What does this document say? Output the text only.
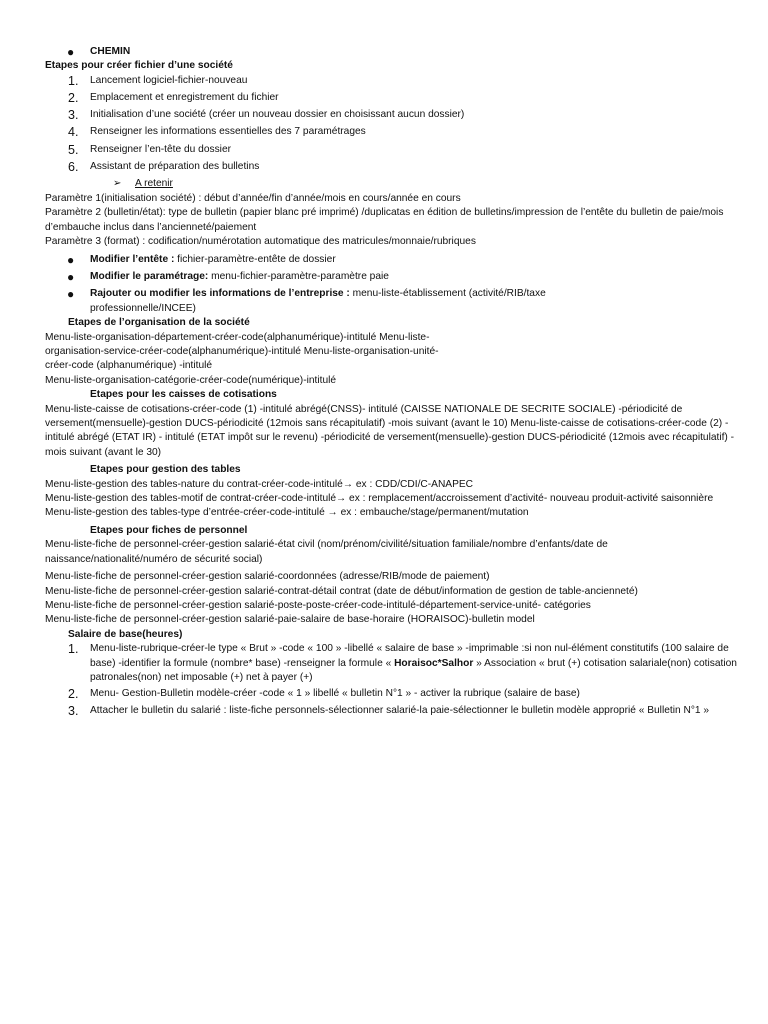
● CHEMIN

Etapes pour créer fichier d’une société

1. Lancement logiciel-fichier-nouveau
2. Emplacement et enregistrement du fichier
3. Initialisation d’une société (créer un nouveau dossier en choisissant aucun dossier)
4. Renseigner les informations essentielles des 7 paramétrages
5. Renseigner l’en-tête du dossier
6. Assistant de préparation des bulletins
➢ A retenir

Paramètre 1(initialisation société) : début d’année/fin d’année/mois en cours/année en cours

Paramètre 2 (bulletin/état): type de bulletin (papier blanc pré imprimé) /duplicatas en édition de bulletins/impression de l’entête du bulletin de paie/mois d’embauche inclus dans l’ancienneté/paiement

Paramètre 3 (format) : codification/numérotation automatique des matricules/monnaie/rubriques

● Modifier l’entête : fichier-paramètre-entête de dossier
● Modifier le paramétrage: menu-fichier-paramètre-paramètre paie
● Rajouter ou modifier les informations de l’entreprise : menu-liste-établissement (activité/RIB/taxe professionnelle/INCEE)

Etapes de l’organisation de la société

Menu-liste-organisation-département-créer-code(alphanumérique)-intitulé Menu-liste-organisation-service-créer-code(alphanumérique)-intitulé Menu-liste-organisation-unité-créer-code (alphanumérique) -intitulé

Menu-liste-organisation-catégorie-créer-code(numérique)-intitulé

Etapes pour les caisses de cotisations

Menu-liste-caisse de cotisations-créer-code (1) -intitulé abrégé(CNSS)- intitulé (CAISSE NATIONALE DE SECRITE SOCIALE) -périodicité de versement(mensuelle)-gestion DUCS-périodicité (12mois sans récapitulatif) -mois suivant (avant le 10) Menu-liste-caisse de cotisations-créer-code (2) -intitulé abrégé (ETAT IR) - intitulé (ETAT impôt sur le revenu) -périodicité de versement(mensuelle)-gestion DUCS-périodicité (12mois avec récapitulatif) -mois suivant (avant le 30)

Etapes pour gestion des tables

Menu-liste-gestion des tables-nature du contrat-créer-code-intitulé→ ex : CDD/CDI/C-ANAPEC

Menu-liste-gestion des tables-motif de contrat-créer-code-intitulé→ ex : remplacement/accroissement d’activité- nouveau produit-activité saisonnière

Menu-liste-gestion des tables-type d’entrée-créer-code-intitulé → ex : embauche/stage/permanent/mutation

Etapes pour fiches de personnel

Menu-liste-fiche de personnel-créer-gestion salarié-état civil (nom/prénom/civilité/situation familiale/nombre d’enfants/date de naissance/nationalité/numéro de sécurité social)

Menu-liste-fiche de personnel-créer-gestion salarié-coordonnées (adresse/RIB/mode de paiement)

Menu-liste-fiche de personnel-créer-gestion salarié-contrat-détail contrat (date de début/information de gestion de table-ancienneté)

Menu-liste-fiche de personnel-créer-gestion salarié-poste-poste-créer-code-intitulé-département-service-unité- catégories

Menu-liste-fiche de personnel-créer-gestion salarié-paie-salaire de base-horaire (HORAISOC)-bulletin model

Salaire de base(heures)

1. Menu-liste-rubrique-créer-le type « Brut » -code « 100 » -libellé « salaire de base » -imprimable :si non nul-élément constitutifs (100 salaire de base) -identifier la formule (nombre* base) -renseigner la formule « Horaisoc*Salhor » Association « brut (+) cotisation salariale(non) cotisation patronales(non) net imposable (+) net à payer (+)
2. Menu- Gestion-Bulletin modèle-créer -code « 1 » libellé « bulletin N°1 » - activer la rubrique (salaire de base)
3. Attacher le bulletin du salarié : liste-fiche personnels-sélectionner salarié-la paie-sélectionner le bulletin modèle approprié « Bulletin N°1 »
